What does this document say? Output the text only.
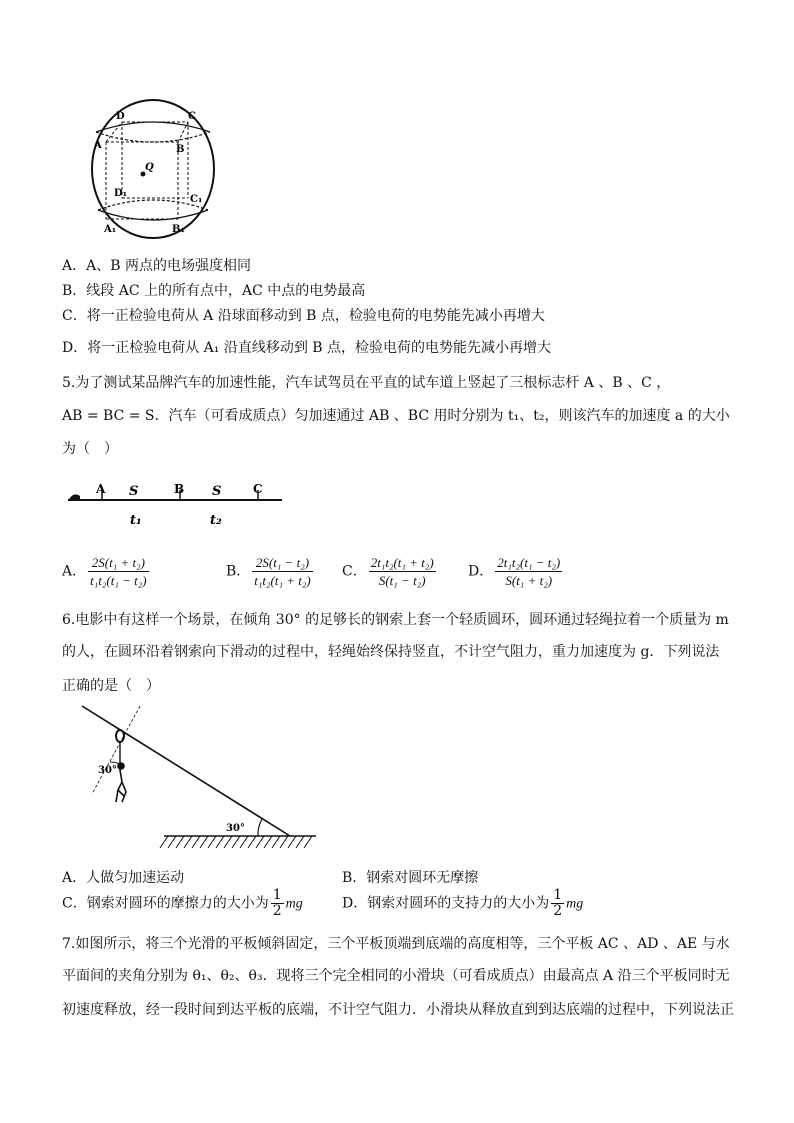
D	C
A	B
Q
D₁
C₁
A₁	B₁
A．A、B 两点的电场强度相同
B．线段 AC 上的所有点中，AC 中点的电势最高
C．将一正检验电荷从 A 沿球面移动到 B 点，检验电荷的电势能先减小再增大
D．将一正检验电荷从 A₁ 沿直线移动到 B 点，检验电荷的电势能先减小再增大
5.为了测试某品牌汽车的加速性能，汽车试驾员在平直的试车道上竖起了三根标志杆 A 、B 、C ，
AB = BC = S．汽车（可看成质点）匀加速通过 AB 、BC 用时分别为 t₁、t₂，则该汽车的加速度 a 的大小
为（　）
A S	B S	C
t₁	t₂
A． $\frac{\text{2S(t₁ + t₂)}}{\text{t₁t₂(t₁ − t₂)}}$	B． $\frac{\text{2S(t₁ − t₂)}}{\text{t₁t₂(t₁ + t₂)}}$ C． $\frac{\text{2t₁t₂(t₁ + t₂)}}{\text{S(t₁ − t₂)}}$ D． $\frac{\text{2t₁t₂(t₁ − t₂)}}{\text{S(t₁ + t₂)}}$
6.电影中有这样一个场景，在倾角 30° 的足够长的钢索上套一个轻质圆环，圆环通过轻绳拉着一个质量为 m
的人，在圆环沿着钢索向下滑动的过程中，轻绳始终保持竖直，不计空气阻力，重力加速度为 g．下列说法
正确的是（　）
30°
30°
A．人做匀加速运动	B．钢索对圆环无摩擦
C．钢索对圆环的摩擦力的大小为 $\frac{1}{2}$ mg	D．钢索对圆环的支持力的大小为 $\frac{1}{2}$ mg
7.如图所示，将三个光滑的平板倾斜固定，三个平板顶端到底端的高度相等，三个平板 AC 、AD 、AE 与水
平面间的夹角分别为 θ₁、θ₂、θ₃．现将三个完全相同的小滑块（可看成质点）由最高点 A 沿三个平板同时无
初速度释放，经一段时间到达平板的底端，不计空气阻力．小滑块从释放直到到达底端的过程中，下列说法正
